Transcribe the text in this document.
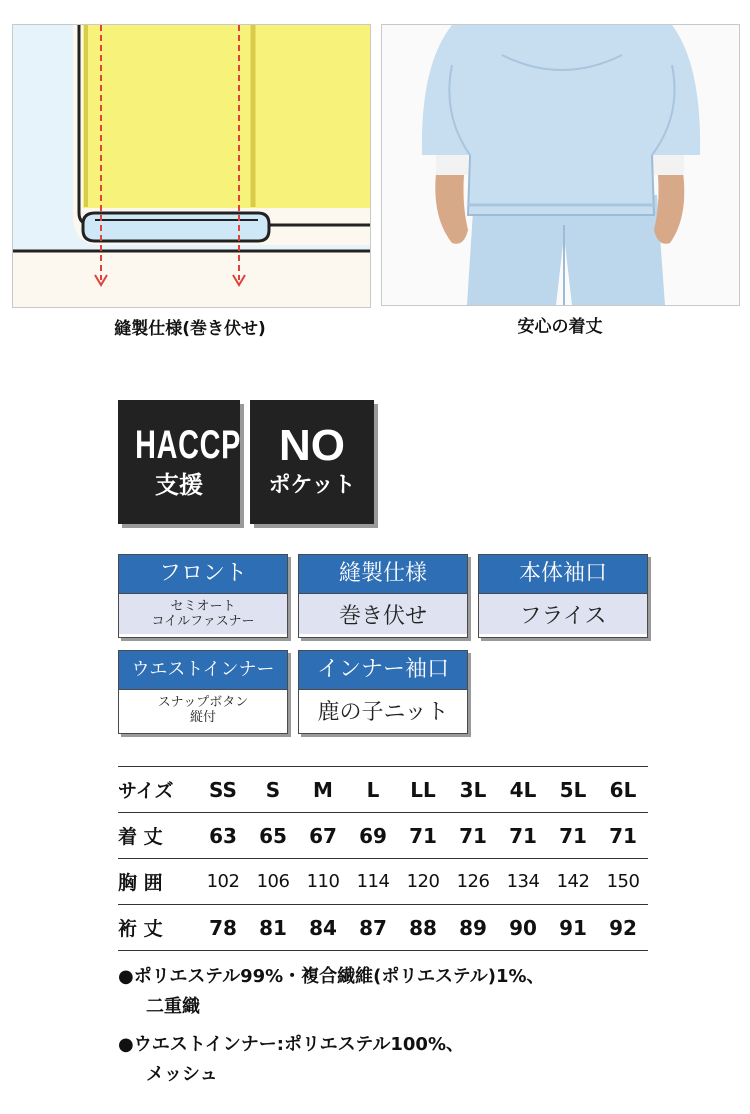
縫製仕様(巻き伏せ)	安心の着丈
HACCP
支援
NO
ポケット
フロント
セミオート
コイルファスナー
縫製仕様
巻き伏せ
本体袖口
フライス
ウエストインナー
スナップボタン
縦付
インナー袖口
鹿の子ニット
サイズ	SS	S	M	L	LL	3L	4L	5L	6L
着 丈	63	65	67	69	71	71	71	71	71
胸 囲	102	106	110	114	120	126	134	142	150
裄 丈	78	81	84	87	88	89	90	91	92
●ポリエステル99%・複合繊維(ポリエステル)1%、
二重織
●ウエストインナー:ポリエステル100%、
メッシュ
